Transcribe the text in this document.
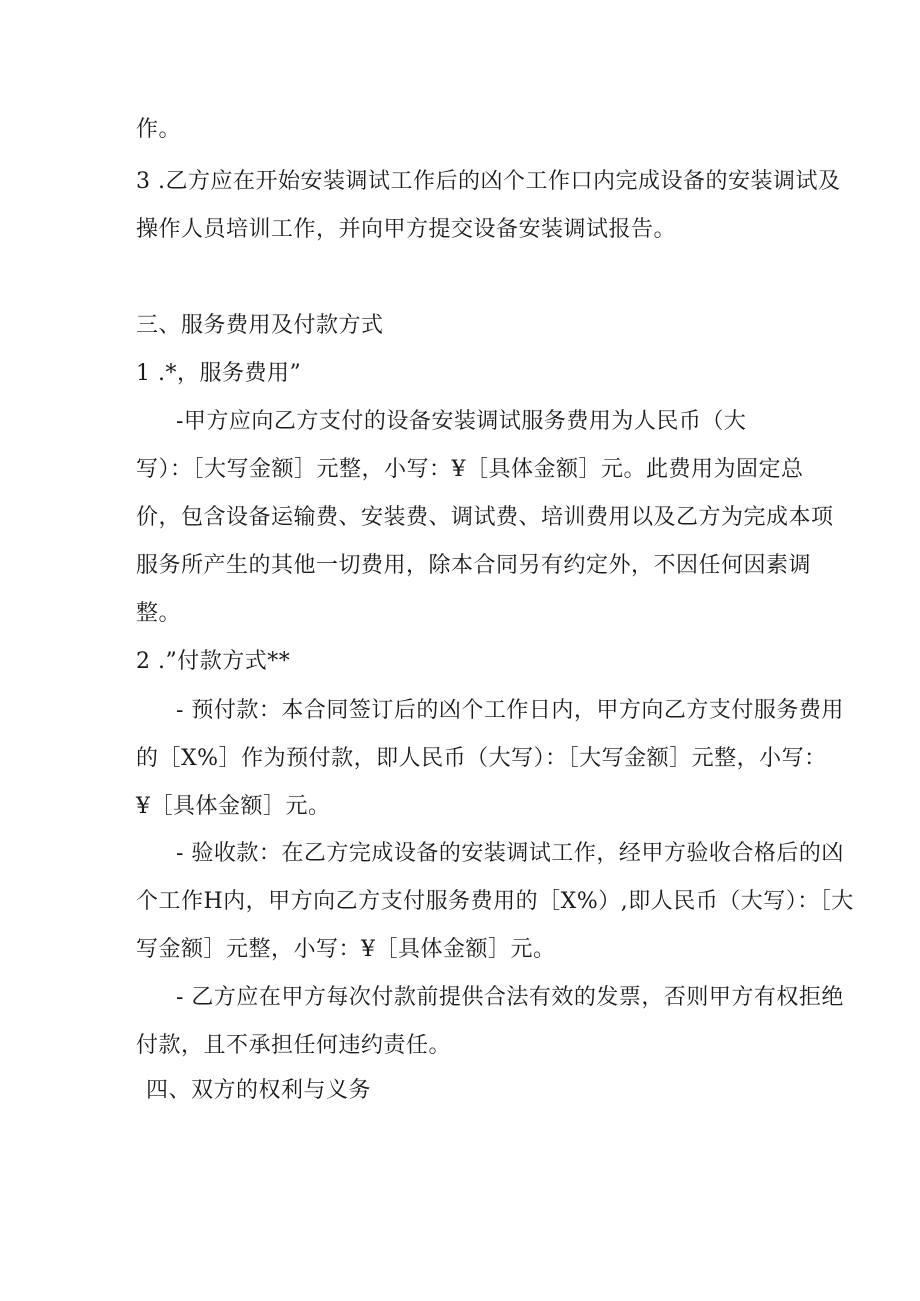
作。
3 .乙方应在开始安装调试工作后的凶个工作口内完成设备的安装调试及
操作人员培训工作，并向甲方提交设备安装调试报告。
三、服务费用及付款方式
1 .*，服务费用”
-甲方应向乙方支付的设备安装调试服务费用为人民币（大
写）：［大写金额］元整，小写：¥［具体金额］元。此费用为固定总
价，包含设备运输费、安装费、调试费、培训费用以及乙方为完成本项
服务所产生的其他一切费用，除本合同另有约定外，不因任何因素调
整。
2 .”付款方式**
- 预付款：本合同签订后的凶个工作日内，甲方向乙方支付服务费用
的［X%］作为预付款，即人民币（大写）：［大写金额］元整，小写：
¥［具体金额］元。
- 验收款：在乙方完成设备的安装调试工作，经甲方验收合格后的凶
个工作H内，甲方向乙方支付服务费用的［X%）,即人民币（大写）：［大
写金额］元整，小写：¥［具体金额］元。
- 乙方应在甲方每次付款前提供合法有效的发票，否则甲方有权拒绝
付款，且不承担任何违约责任。
四、双方的权利与义务
